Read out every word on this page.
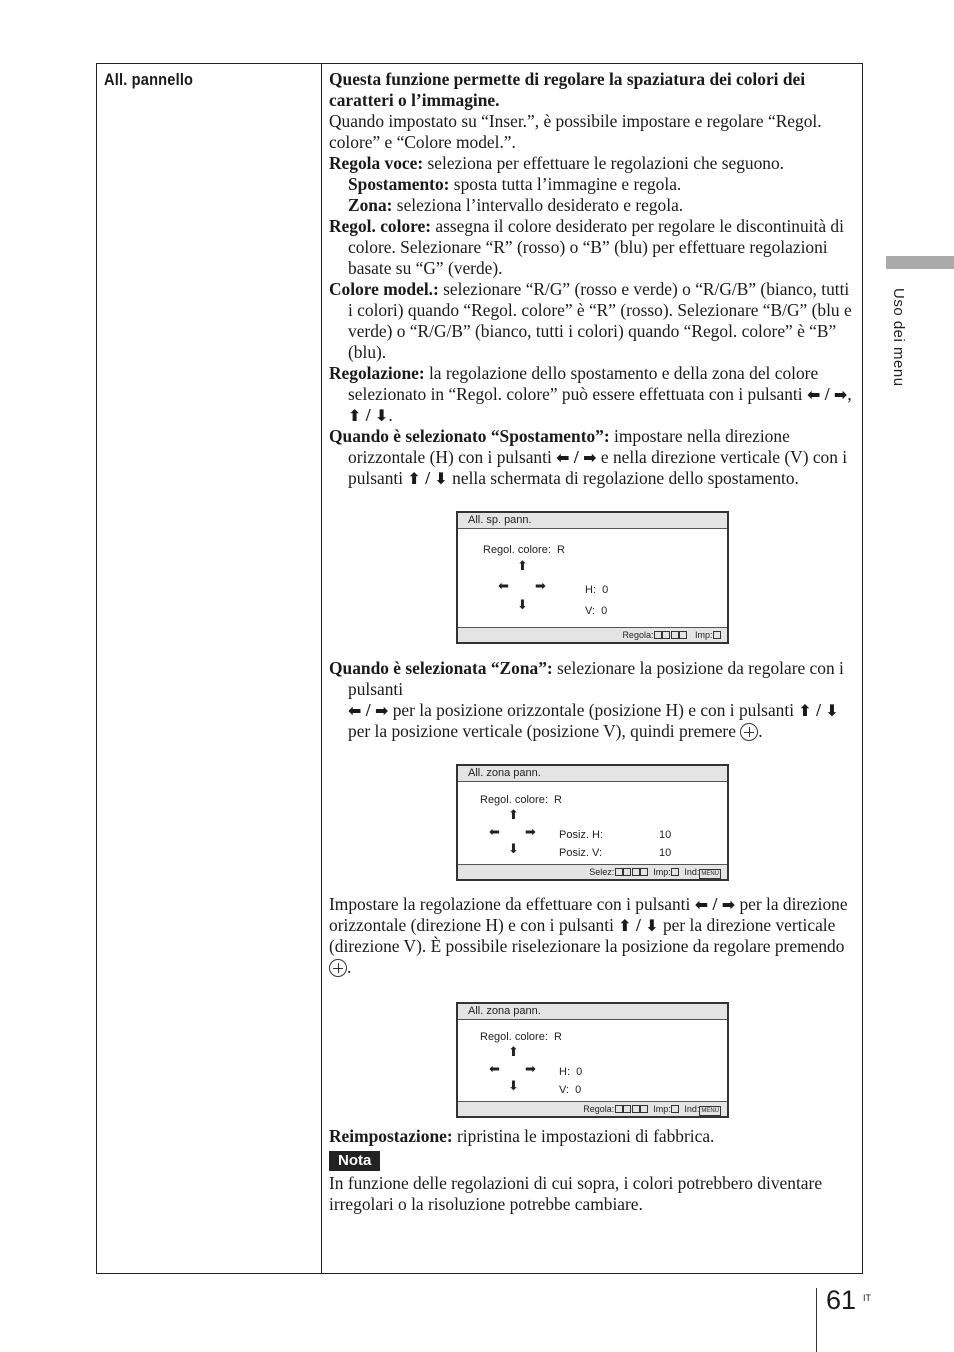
Uso dei menu
All. pannello	Questa funzione permette di regolare la spaziatura dei colori dei caratteri o l’immagine.

Quando impostato su “Inser.”, è possibile impostare e regolare “Regol. colore” e “Colore model.”.

Regola voce: seleziona per effettuare le regolazioni che seguono.

Spostamento: sposta tutta l’immagine e regola.

Zona: seleziona l’intervallo desiderato e regola.

Regol. colore: assegna il colore desiderato per regolare le discontinuità di colore. Selezionare “R” (rosso) o “B” (blu) per effettuare regolazioni basate su “G” (verde).

Colore model.: selezionare “R/G” (rosso e verde) o “R/G/B” (bianco, tutti i colori) quando “Regol. colore” è “R” (rosso). Selezionare “B/G” (blu e verde) o “R/G/B” (bianco, tutti i colori) quando “Regol. colore” è “B” (blu).

Regolazione: la regolazione dello spostamento e della zona del colore selezionato in “Regol. colore” può essere effettuata con i pulsanti ⬅ / ➡, ⬆ / ⬇.

Quando è selezionato “Spostamento”: impostare nella direzione orizzontale (H) con i pulsanti ⬅ / ➡ e nella direzione verticale (V) con i pulsanti ⬆ / ⬇ nella schermata di regolazione dello spostamento.

All. sp. pann.
Regol. colore:  R
⬆
⬅ ➡
⬇
H:  0
V:  0
Regola:	Imp:

Quando è selezionata “Zona”: selezionare la posizione da regolare con i pulsanti
⬅ / ➡ per la posizione orizzontale (posizione H) e con i pulsanti ⬆ / ⬇ per la posizione verticale (posizione V), quindi premere .

All. zona pann.
Regol. colore:  R
⬆
⬅ ➡
⬇
Posiz. H:	10
Posiz. V:	10
Selez:	Imp: Ind: MENU

Impostare la regolazione da effettuare con i pulsanti ⬅ / ➡ per la direzione orizzontale (direzione H) e con i pulsanti ⬆ / ⬇ per la direzione verticale (direzione V). È possibile riselezionare la posizione da regolare premendo .

All. zona pann.
Regol. colore:  R
⬆
⬅ ➡
⬇
H:  0
V:  0
Regola:	Imp: Ind: MENU

Reimpostazione: ripristina le impostazioni di fabbrica.

Nota

In funzione delle regolazioni di cui sopra, i colori potrebbero diventare irregolari o la risoluzione potrebbe cambiare.

61 IT
